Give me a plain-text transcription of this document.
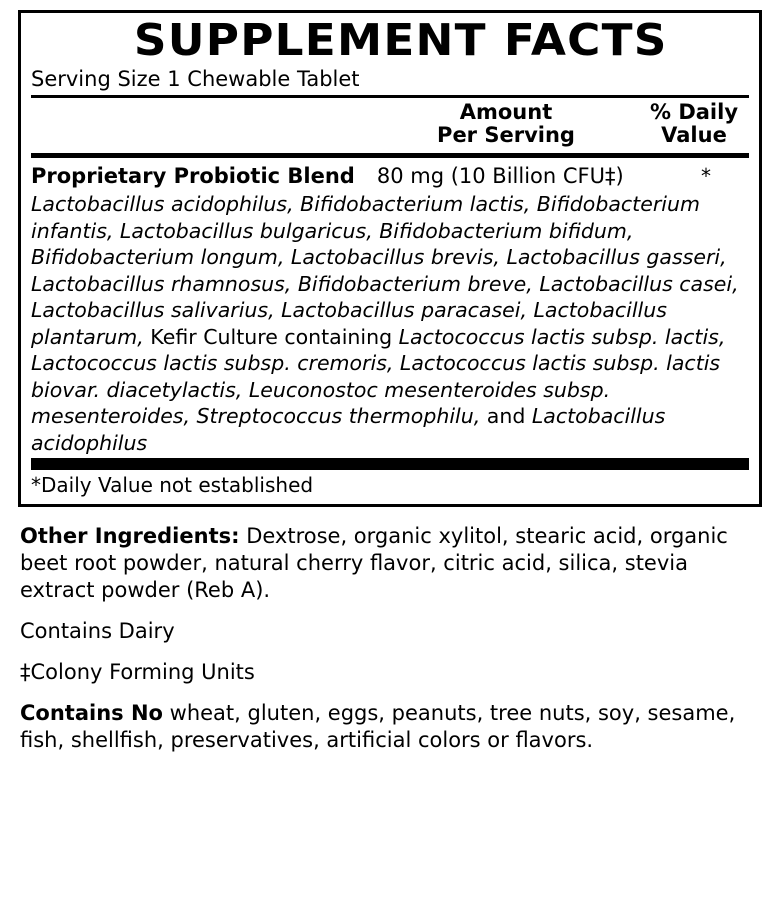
SUPPLEMENT FACTS
Serving Size 1 Chewable Tablet
Amount
Per Serving
% Daily
Value
Proprietary Probiotic Blend 80 mg (10 Billion CFU‡)	*
Lactobacillus acidophilus, Bifidobacterium lactis, Bifidobacterium infantis, Lactobacillus bulgaricus, Bifidobacterium bifidum, Bifidobacterium longum, Lactobacillus brevis, Lactobacillus gasseri, Lactobacillus rhamnosus, Bifidobacterium breve, Lactobacillus casei, Lactobacillus salivarius, Lactobacillus paracasei, Lactobacillus plantarum, Kefir Culture containing Lactococcus lactis subsp. lactis, Lactococcus lactis subsp. cremoris, Lactococcus lactis subsp. lactis biovar. diacetylactis, Leuconostoc mesenteroides subsp. mesenteroides, Streptococcus thermophilu, and Lactobacillus acidophilus
*Daily Value not established
Other Ingredients: Dextrose, organic xylitol, stearic acid, organic beet root powder, natural cherry flavor, citric acid, silica, stevia extract powder (Reb A).
Contains Dairy
‡Colony Forming Units
Contains No wheat, gluten, eggs, peanuts, tree nuts, soy, sesame, fish, shellfish, preservatives, artificial colors or flavors.
